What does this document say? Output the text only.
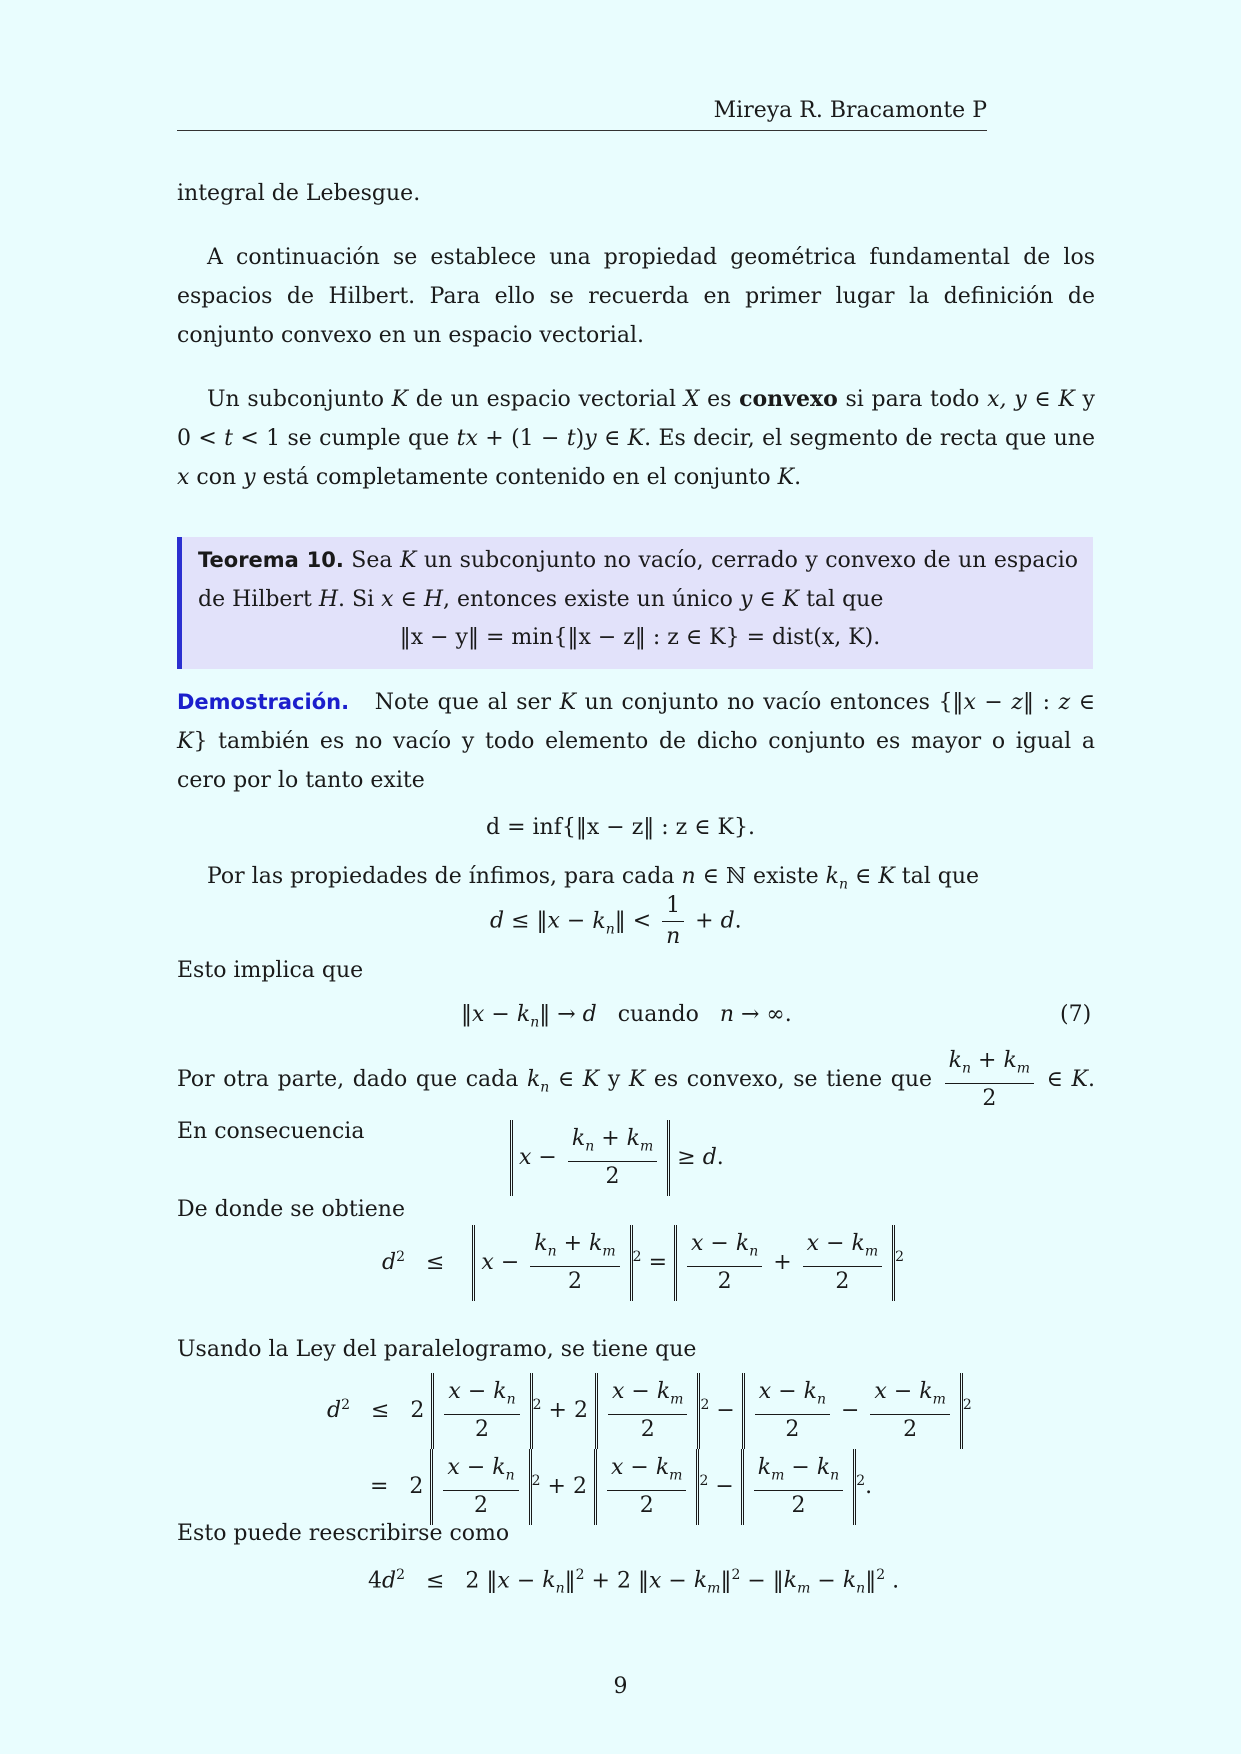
Mireya R. Bracamonte P
integral de Lebesgue.
A continuación se establece una propiedad geométrica fundamental de los espacios de Hilbert. Para ello se recuerda en primer lugar la definición de conjunto convexo en un espacio vectorial.
Un subconjunto K de un espacio vectorial X es convexo si para todo x, y ∈ K y 0 < t < 1 se cumple que tx + (1 − t)y ∈ K. Es decir, el segmento de recta que une x con y está completamente contenido en el conjunto K.
Teorema 10. Sea K un subconjunto no vacío, cerrado y convexo de un espacio de Hilbert H. Si x ∈ H, entonces existe un único y ∈ K tal que
‖x − y‖ = min{‖x − z‖ : z ∈ K} = dist(x, K).
Demostración. Note que al ser K un conjunto no vacío entonces {‖x − z‖ : z ∈ K} también es no vacío y todo elemento de dicho conjunto es mayor o igual a cero por lo tanto exite
d = inf{‖x − z‖ : z ∈ K}.
Por las propiedades de ínfimos, para cada n ∈ ℕ existe $k_n$ ∈ K tal que
d ≤ ‖x − $k_n‖ < \frac{1}{n} + d$.
Esto implica que
‖x − $k_n‖ \to d$ cuando n → ∞.	(7)
Por otra parte, dado que cada $k_n$ ∈ K y K es convexo, se tiene que $\frac{k_n + k_m}{2}$ ∈ K. En consecuencia
$x - \frac{k_n + k_m}{2} \ge d$.
De donde se obtiene
$d^2$   ≤    $x - \frac{k_n + k_m}{2} ^2 = \frac{x - k_n}{2} + \frac{x - k_m}{2} ^2$
Usando la Ley del paralelogramo, se tiene que
$d^2 \le 2 \frac{x - k_n}{2} ^2 + 2 \frac{x - k_m}{2} ^2 - \frac{x - k_n}{2} - \frac{x - k_m}{2} ^2$
=   $2 \frac{x - k_n}{2} ^2 + 2 \frac{x - k_m}{2} ^2 - \frac{k_m - k_n}{2} ^2$.
Esto puede reescribirse como
$4d^2 \le 2$ ‖x − $k_n‖^2 + 2$ ‖x − $k_m‖^2$ − $‖k_m$ − $k_n‖^2$ .
9
